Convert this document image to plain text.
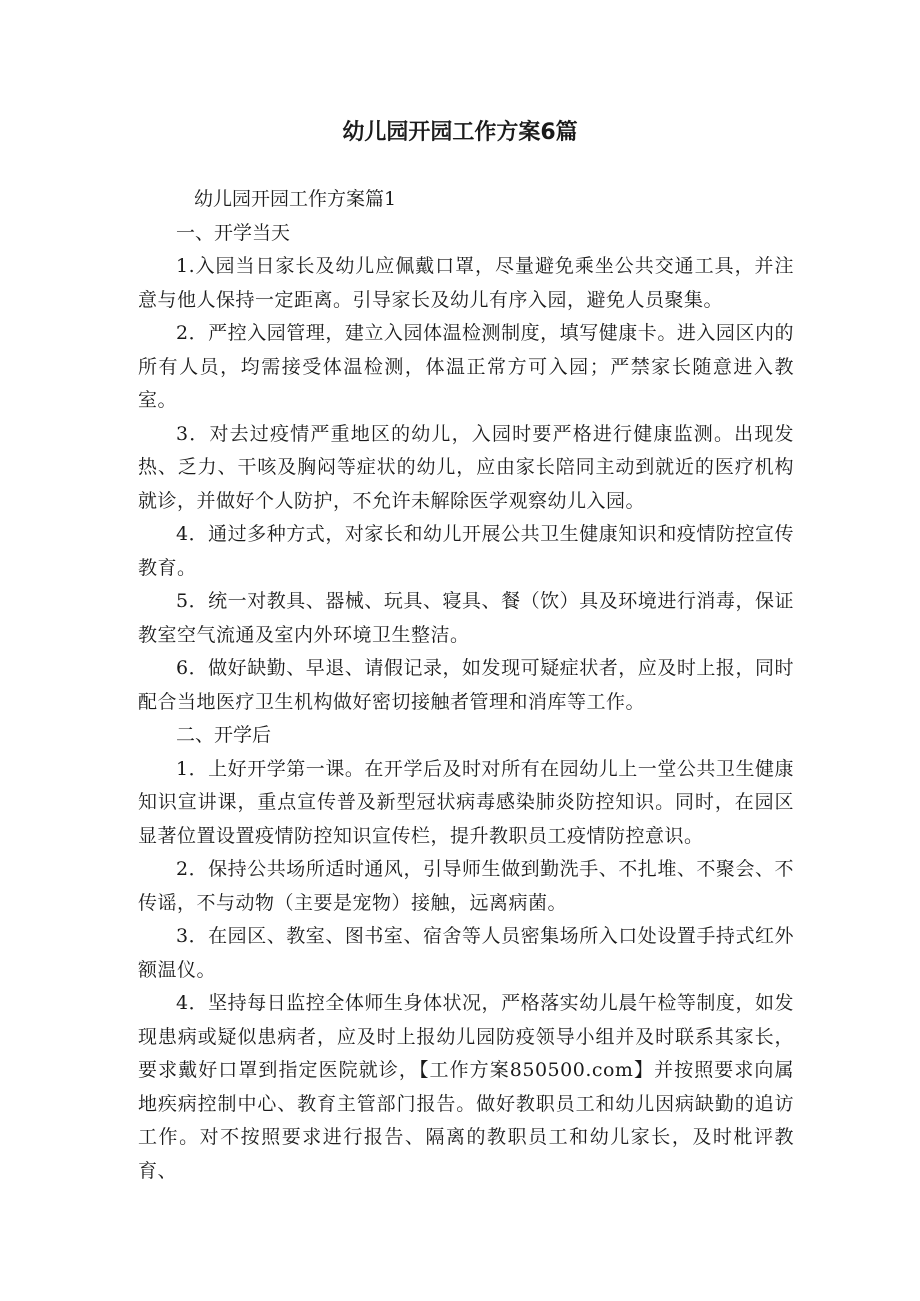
幼儿园开园工作方案6篇

幼儿园开园工作方案篇1

一、开学当天

1.入园当日家长及幼儿应佩戴口罩，尽量避免乘坐公共交通工具，并注意与他人保持一定距离。引导家长及幼儿有序入园，避免人员聚集。

2．严控入园管理，建立入园体温检测制度，填写健康卡。进入园区内的所有人员，均需接受体温检测，体温正常方可入园；严禁家长随意进入教室。

3．对去过疫情严重地区的幼儿，入园时要严格进行健康监测。出现发热、乏力、干咳及胸闷等症状的幼儿，应由家长陪同主动到就近的医疗机构就诊，并做好个人防护，不允许未解除医学观察幼儿入园。

4．通过多种方式，对家长和幼儿开展公共卫生健康知识和疫情防控宣传教育。

5．统一对教具、器械、玩具、寝具、餐（饮）具及环境进行消毒，保证教室空气流通及室内外环境卫生整洁。

6．做好缺勤、早退、请假记录，如发现可疑症状者，应及时上报，同时配合当地医疗卫生机构做好密切接触者管理和消库等工作。

二、开学后

1．上好开学第一课。在开学后及时对所有在园幼儿上一堂公共卫生健康知识宣讲课，重点宣传普及新型冠状病毒感染肺炎防控知识。同时，在园区显著位置设置疫情防控知识宣传栏，提升教职员工疫情防控意识。

2．保持公共场所适时通风，引导师生做到勤洗手、不扎堆、不聚会、不传谣，不与动物（主要是宠物）接触，远离病菌。

3．在园区、教室、图书室、宿舍等人员密集场所入口处设置手持式红外额温仪。

4．坚持每日监控全体师生身体状况，严格落实幼儿晨午检等制度，如发现患病或疑似患病者，应及时上报幼儿园防疫领导小组并及时联系其家长，要求戴好口罩到指定医院就诊，【工作方案850500.com】并按照要求向属地疾病控制中心、教育主管部门报告。做好教职员工和幼儿因病缺勤的追访工作。对不按照要求进行报告、隔离的教职员工和幼儿家长，及时枇评教育、
